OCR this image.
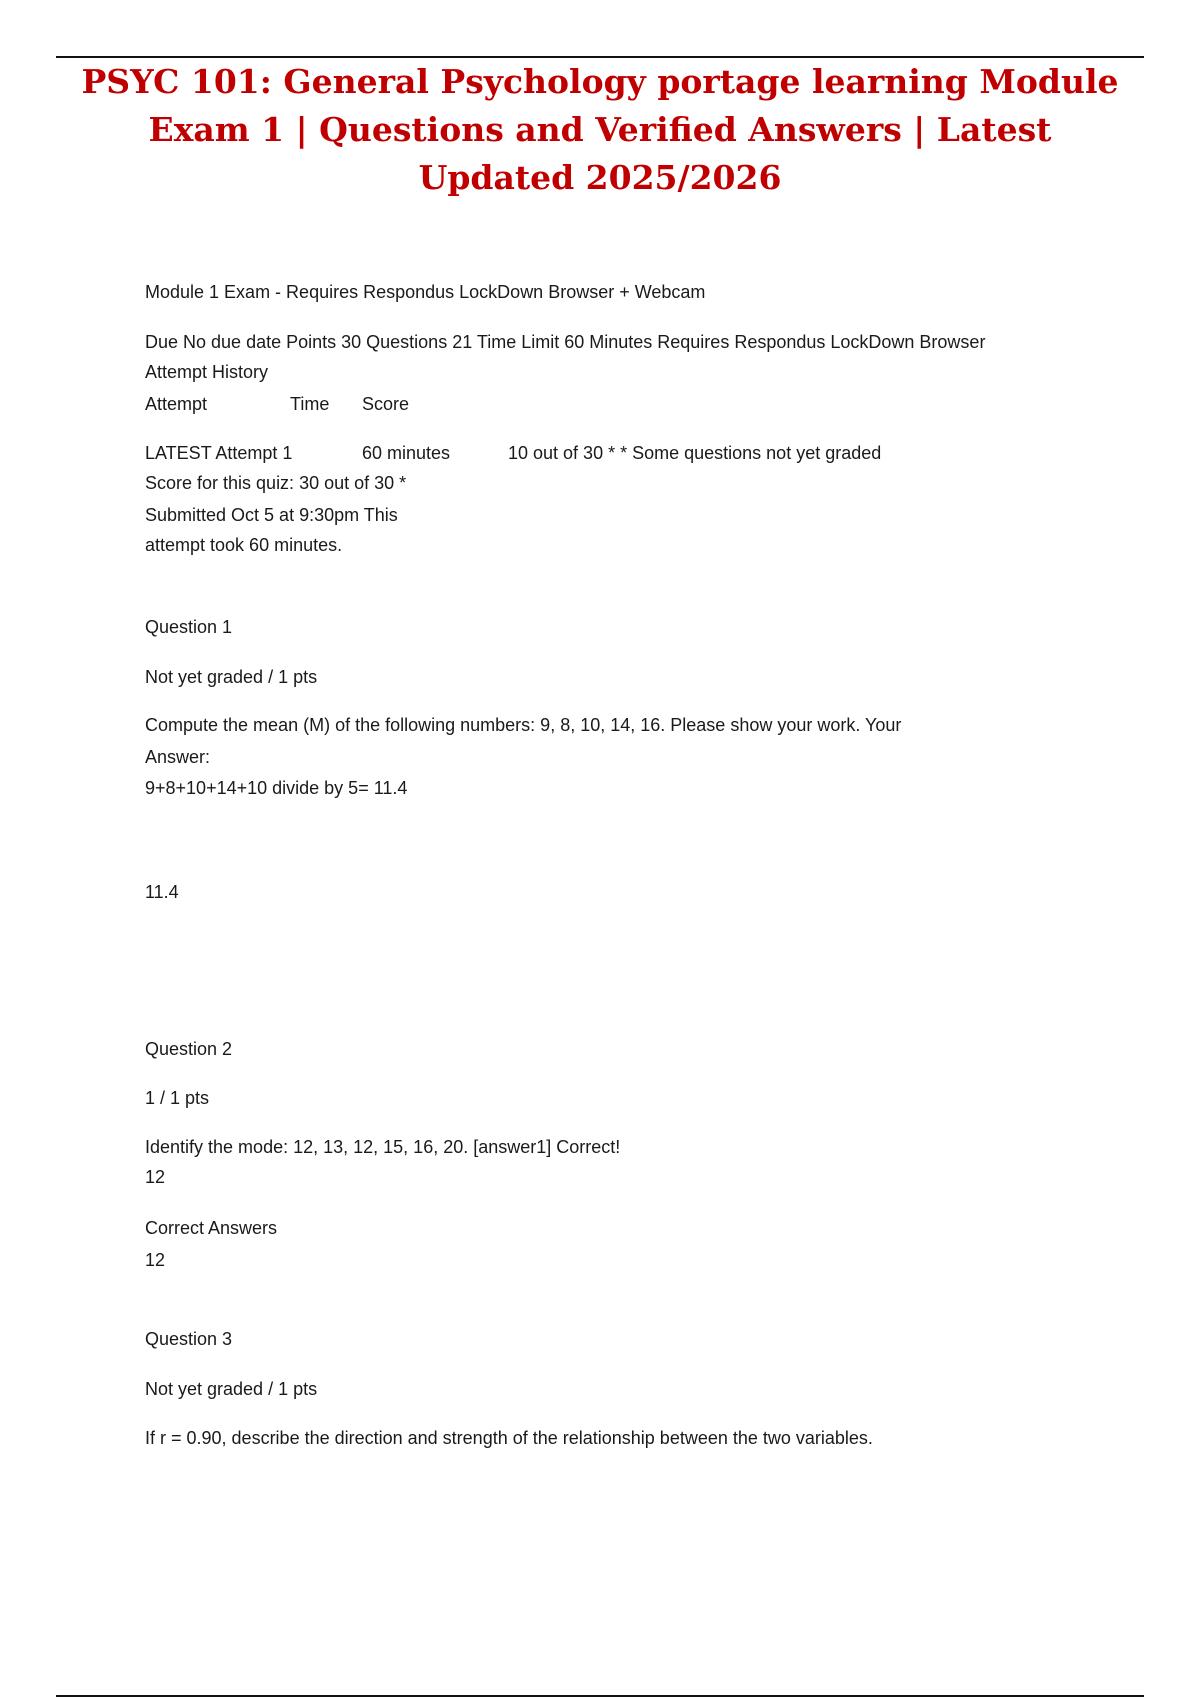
PSYC 101: General Psychology portage learning Module
Exam 1 | Questions and Verified Answers | Latest
Updated 2025/2026
Module 1 Exam - Requires Respondus LockDown Browser + Webcam
Due No due date Points 30 Questions 21 Time Limit 60 Minutes Requires Respondus LockDown Browser
Attempt History
Attempt	Time Score
LATEST Attempt 1	60 minutes	10 out of 30 * * Some questions not yet graded
Score for this quiz: 30 out of 30 *
Submitted Oct 5 at 9:30pm This
attempt took 60 minutes.
Question 1
Not yet graded / 1 pts
Compute the mean (M) of the following numbers: 9, 8, 10, 14, 16. Please show your work. Your
Answer:
9+8+10+14+10 divide by 5= 11.4
11.4
Question 2
1 / 1 pts
Identify the mode: 12, 13, 12, 15, 16, 20. [answer1] Correct!
12
Correct Answers
12
Question 3
Not yet graded / 1 pts
If r = 0.90, describe the direction and strength of the relationship between the two variables.
